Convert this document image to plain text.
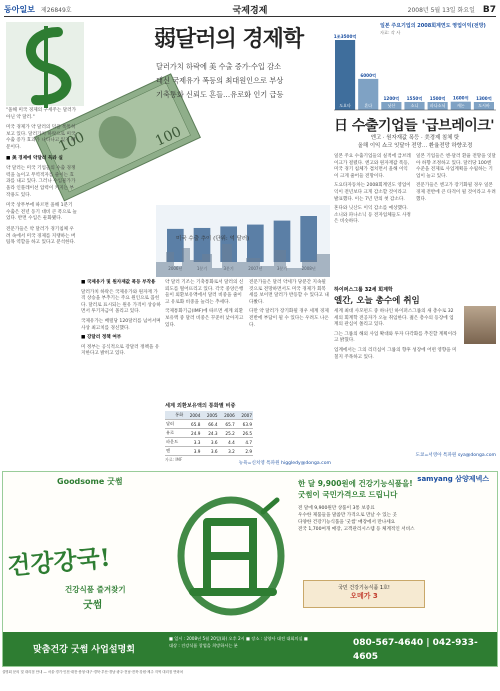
동아일보 제26849호	국제경제	2008년 5월 13일 화요일 B7
100	100
弱달러의 경제학
달러가치 하락에 美 수출 증가·수입 감소
대신 국제유가 폭등의 최대원인으로 부상
기축통화 신뢰도 흔들…유로화 인기 급등
미국 수출 추이 (단위: 억 달러)

"올해 미국 경제의 구세주는 달러가 아닌 약 달러."

미국 경제가 약 달러의 덕을 톡톡히 보고 있다. 달러가치 하락으로 미국 수출 증가 효과가 나타나고 있기 때문이다.

■ 美 경제에 약달러 득과 실

약 달러는 미국 기업들의 수출 경쟁력을 높이고 무역적자를 줄이는 효과를 내고 있다. 그러나 수입물가가 올라 인플레이션 압력이 커지는 부작용도 있다.

미국 상무부에 따르면 올해 1분기 수출은 전년 동기 대비 큰 폭으로 늘었다. 반면 수입은 둔화됐다.

전문가들은 약 달러가 경기침체 우려 속에서 미국 경제를 지탱하는 버팀목 역할을 하고 있다고 분석한다.

■ 국제유가 및 원자재값 폭등 부작용

달러가치 하락은 국제유가와 원자재 가격 상승을 부추기는 주요 원인으로 꼽힌다. 달러로 표시되는 원유 가격이 상승하면서 투기자금이 몰리고 있다.

국제유가는 배럴당 120달러를 넘어서며 사상 최고치를 경신했다.

■ 강달러 정책 여부

미 정부는 공식적으로 강달러 정책을 유지한다고 밝히고 있다.

약 달러 기조는 기축통화로서 달러의 신뢰도를 떨어뜨리고 있다. 각국 중앙은행들이 외환보유액에서 달러 비중을 줄이고 유로화 비중을 늘리는 추세다.

국제통화기금(IMF)에 따르면 세계 외환보유액 중 달러 비중은 꾸준히 낮아지고 있다.

전문가들은 달러 약세가 당분간 지속될 것으로 전망하면서도 미국 경제가 회복세를 보이면 달러가 반등할 수 있다고 내다봤다.

다만 약 달러가 장기화될 경우 세계 경제 전반에 부담이 될 수 있다는 우려도 나온다.

세계 외환보유액의 통화별 비중
통화	2004	2005	2006	2007
달러	65.8	66.4	65.7	63.9
유로	24.9	24.3	25.2	26.5
파운드	3.3	3.6	4.4	4.7
엔	3.9	3.6	3.2	2.9
자료: IMF
뉴욕=신치영 특파원 higgledy@donga.com
1조3500억
도요타
6000억
혼다
1200억
닛산
1550억
소니
1500억
파나소닉
1600억
캐논
1300억
도시바
일본 주요기업의 2008회계연도 영업이익(전망)
자료: 각 사
日 수출기업들 '급브레이크'
엔고 · 원자재값 폭등 · 美경제 침체 탓
올해 이익 쇼크 잇달아 전망… 환율전망 하향조정

일본 주요 수출기업들의 실적에 급브레이크가 걸렸다. 엔고와 원자재값 폭등, 미국 경기 침체가 겹치면서 올해 이익이 크게 줄어들 전망이다.

도요타자동차는 2008회계연도 영업이익이 전년보다 크게 감소할 것이라고 발표했다. 이는 7년 만의 첫 감소다.

혼다와 닛산도 이익 감소를 예상했다. 소니와 파나소닉 등 전자업체들도 사정은 비슷하다.

일본 기업들은 엔-달러 환율 전망을 잇달아 하향 조정하고 있다. 달러당 100엔 수준을 전제로 사업계획을 수립하는 기업이 늘고 있다.

전문가들은 엔고가 장기화될 경우 일본 경제 전반에 큰 타격이 될 것이라고 우려했다.

하이퍼스그룹 32세 회계학
엘간, 오늘 총수에 취임

세계 최대 사모펀드 중 하나인 하이퍼스그룹의 새 총수로 32세의 회계학 전공자가 오늘 취임한다. 젊은 총수의 등장에 업계의 관심이 쏠리고 있다.

그는 그룹의 해외 사업 확대와 투자 다각화를 추진할 계획이라고 밝혔다.

업계에서는 그의 리더십이 그룹의 향후 성장에 어떤 영향을 미칠지 주목하고 있다.

도쿄=서영아 특파원 sya@donga.com
Goodsome 굿썸
건강강국!
건강식품 즐겨찾기
굿썸
한 달 9,900원에 건강기능식품을!
굿썸이 국민가격으로 드립니다
전 달에 9,900원만 상품이 3통 보증료
우수한 제품들을 말씀만 가격으로 만날 수 있는 곳
다양한 건강기능식품을 '굿썸' 매장에서 만나세요
전국 1,700여개 매장, 고객관리시스템 등 체계적인 서비스
samyang 삼양제넥스
국민 건강기능식품 1호!
오메가 3
맞춤건강 굿썸 사업설명회
■ 일시 : 2008년 5월 20일(화) 오후 2시 ■ 장소 : 삼양사 대전 대회의실 ■ 대상 : 건강식품 창업을 희망하시는 분	080-567-4640 | 042-933-4605
설명회 문의 및 대리점 안내 — 서울·경기·인천·대전·충청·대구·경북·부산·경남·광주·전남·전북·강원·제주 지역 대리점 연락처
